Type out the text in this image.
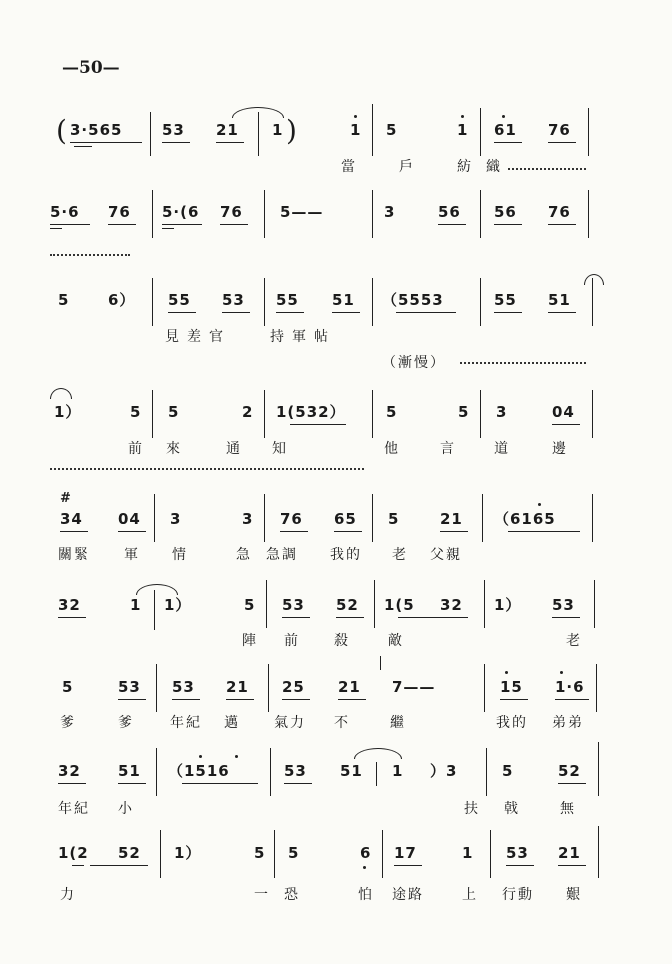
—50—
( 3·565	53 21 1 )	1 5	1 61 76
當	戶	紡 織
5·6 76 5·(6 76 5——	3	56 56 76
5	6） 55 53 55 51 （5553	55 51
見差官	持軍帖
（漸慢）
1）	5 5	2 1(532）	5	5 3	04
前 來	通 知	他	言	道	邊
#
34 04 3	3 76 65 5	21 （6165
關緊 軍 情	急 急調 我的 老 父親
32	1 1）	5 53 52 1(5 32 1） 53
陣 前 殺	敵	老
5	53 53 21 25 21 7——	15 1·6
爹	爹	年紀 邁 氣力 不	繼	我的 弟弟
32 51 （1516	53 51 1 ）3	5	52
年紀 小	扶 戟	無
1(2 52 1）	5 5	6 17	1 53 21
力	一 恐	怕 途路	上 行動 艱
